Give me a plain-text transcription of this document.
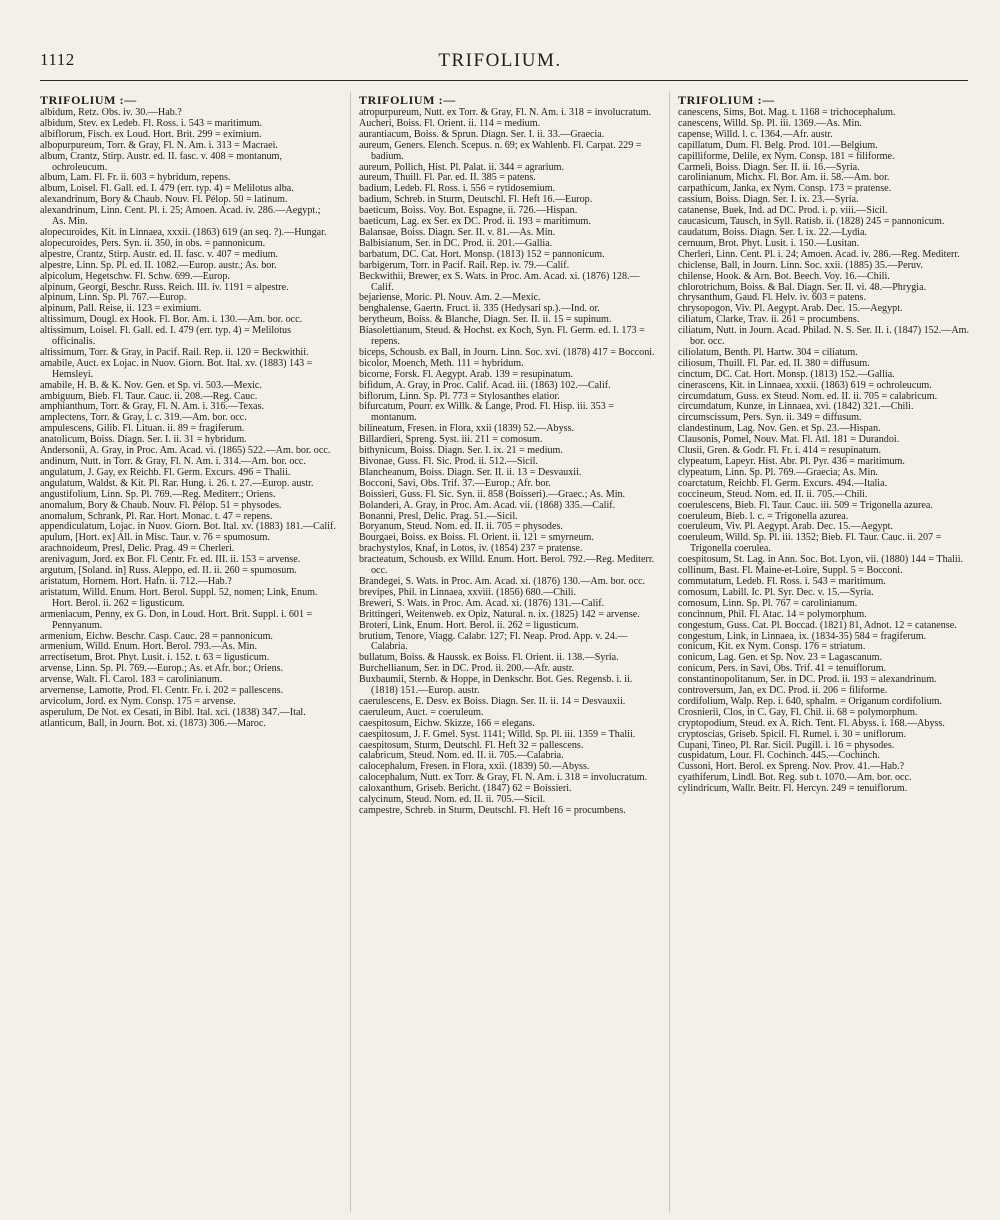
1112	TRIFOLIUM.
TRIFOLIUM :—

albidum, Retz. Obs. iv. 30.—Hab.?

albidum, Stev. ex Ledeb. Fl. Ross. i. 543 = maritimum.

albiflorum, Fisch. ex Loud. Hort. Brit. 299 = eximium.

albopurpureum, Torr. & Gray, Fl. N. Am. i. 313 = Macraei.

album, Crantz, Stirp. Austr. ed. II. fasc. v. 408 = montanum, ochroleucum.

album, Lam. Fl. Fr. ii. 603 = hybridum, repens.

album, Loisel. Fl. Gall. ed. I. 479 (err. typ. 4) = Melilotus alba.

alexandrinum, Bory & Chaub. Nouv. Fl. Pélop. 50 = latinum.

alexandrinum, Linn. Cent. Pl. i. 25; Amoen. Acad. iv. 286.—Aegypt.; As. Min.

alopecuroides, Kit. in Linnaea, xxxii. (1863) 619 (an seq. ?).—Hungar.

alopecuroides, Pers. Syn. ii. 350, in obs. = pannonicum.

alpestre, Crantz, Stirp. Austr. ed. II. fasc. v. 407 = medium.

alpestre, Linn. Sp. Pl. ed. II. 1082.—Europ. austr.; As. bor.

alpicolum, Hegetschw. Fl. Schw. 699.—Europ.

alpinum, Georgi, Beschr. Russ. Reich. III. iv. 1191 = alpestre.

alpinum, Linn. Sp. Pl. 767.—Europ.

alpinum, Pall. Reise, ii. 123 = eximium.

altissimum, Dougl. ex Hook. Fl. Bor. Am. i. 130.—Am. bor. occ.

altissimum, Loisel. Fl. Gall. ed. I. 479 (err. typ. 4) = Melilotus officinalis.

altissimum, Torr. & Gray, in Pacif. Rail. Rep. ii. 120 = Beckwithii.

amabile, Auct. ex Lojac. in Nuov. Giorn. Bot. Ital. xv. (1883) 143 = Hemsleyi.

amabile, H. B. & K. Nov. Gen. et Sp. vi. 503.—Mexic.

ambiguum, Bieb. Fl. Taur. Cauc. ii. 208.—Reg. Cauc.

amphianthum, Torr. & Gray, Fl. N. Am. i. 316.—Texas.

amplectens, Torr. & Gray, l. c. 319.—Am. bor. occ.

ampulescens, Gilib. Fl. Lituan. ii. 89 = fragiferum.

anatolicum, Boiss. Diagn. Ser. I. ii. 31 = hybridum.

Andersonii, A. Gray, in Proc. Am. Acad. vi. (1865) 522.—Am. bor. occ.

andinum, Nutt. in Torr. & Gray, Fl. N. Am. i. 314.—Am. bor. occ.

angulatum, J. Gay, ex Reichb. Fl. Germ. Excurs. 496 = Thalii.

angulatum, Waldst. & Kit. Pl. Rar. Hung. i. 26. t. 27.—Europ. austr.

angustifolium, Linn. Sp. Pl. 769.—Reg. Mediterr.; Oriens.

anomalum, Bory & Chaub. Nouv. Fl. Pélop. 51 = physodes.

anomalum, Schrank, Pl. Rar. Hort. Monac. t. 47 = repens.

appendiculatum, Lojac. in Nuov. Giorn. Bot. Ital. xv. (1883) 181.—Calif.

apulum, [Hort. ex] All. in Misc. Taur. v. 76 = spumosum.

arachnoideum, Presl, Delic. Prag. 49 = Cherleri.

arenivagum, Jord. ex Bor. Fl. Centr. Fr. ed. III. ii. 153 = arvense.

argutum, [Soland. in] Russ. Aleppo, ed. II. ii. 260 = spumosum.

aristatum, Hornem. Hort. Hafn. ii. 712.—Hab.?

aristatum, Willd. Enum. Hort. Berol. Suppl. 52, nomen; Link, Enum. Hort. Berol. ii. 262 = ligusticum.

armeniacum, Penny, ex G. Don, in Loud. Hort. Brit. Suppl. i. 601 = Pennyanum.

armenium, Eichw. Beschr. Casp. Cauc. 28 = pannonicum.

armenium, Willd. Enum. Hort. Berol. 793.—As. Min.

arrectisetum, Brot. Phyt. Lusit. i. 152. t. 63 = ligusticum.

arvense, Linn. Sp. Pl. 769.—Europ.; As. et Afr. bor.; Oriens.

arvense, Walt. Fl. Carol. 183 = carolinianum.

arvernense, Lamotte, Prod. Fl. Centr. Fr. i. 202 = pallescens.

arvicolum, Jord. ex Nym. Consp. 175 = arvense.

asperulum, De Not. ex Cesati, in Bibl. Ital. xci. (1838) 347.—Ital.

atlanticum, Ball, in Journ. Bot. xi. (1873) 306.—Maroc.

TRIFOLIUM :—

atropurpureum, Nutt. ex Torr. & Gray, Fl. N. Am. i. 318 = involucratum.

Aucheri, Boiss. Fl. Orient. ii. 114 = medium.

aurantiacum, Boiss. & Sprun. Diagn. Ser. I. ii. 33.—Graecia.

aureum, Geners. Elench. Scepus. n. 69; ex Wahlenb. Fl. Carpat. 229 = badium.

aureum, Pollich, Hist. Pl. Palat. ii. 344 = agrarium.

aureum, Thuill. Fl. Par. ed. II. 385 = patens.

badium, Ledeb. Fl. Ross. i. 556 = rytidosemium.

badium, Schreb. in Sturm, Deutschl. Fl. Heft 16.—Europ.

baeticum, Boiss. Voy. Bot. Espagne, ii. 726.—Hispan.

baeticum, Lag. ex Ser. ex DC. Prod. ii. 193 = maritimum.

Balansae, Boiss. Diagn. Ser. II. v. 81.—As. Min.

Balbisianum, Ser. in DC. Prod. ii. 201.—Gallia.

barbatum, DC. Cat. Hort. Monsp. (1813) 152 = pannonicum.

barbigerum, Torr. in Pacif. Rail. Rep. iv. 79.—Calif.

Beckwithii, Brewer, ex S. Wats. in Proc. Am. Acad. xi. (1876) 128.—Calif.

bejariense, Moric. Pl. Nouv. Am. 2.—Mexic.

benghalense, Gaertn. Fruct. ii. 335 (Hedysari sp.).—Ind. or.

berytheum, Boiss. & Blanche, Diagn. Ser. II. ii. 15 = supinum.

Biasolettianum, Steud. & Hochst. ex Koch, Syn. Fl. Germ. ed. I. 173 = repens.

biceps, Schousb. ex Ball, in Journ. Linn. Soc. xvi. (1878) 417 = Bocconi.

bicolor, Moench, Meth. 111 = hybridum.

bicorne, Forsk. Fl. Aegypt. Arab. 139 = resupinatum.

bifidum, A. Gray, in Proc. Calif. Acad. iii. (1863) 102.—Calif.

biflorum, Linn. Sp. Pl. 773 = Stylosanthes elatior.

bifurcatum, Pourr. ex Willk. & Lange, Prod. Fl. Hisp. iii. 353 = montanum.

bilineatum, Fresen. in Flora, xxii (1839) 52.—Abyss.

Billardieri, Spreng. Syst. iii. 211 = comosum.

bithynicum, Boiss. Diagn. Ser. I. ix. 21 = medium.

Bivonae, Guss. Fl. Sic. Prod. ii. 512.—Sicil.

Blancheanum, Boiss. Diagn. Ser. II. ii. 13 = Desvauxii.

Bocconi, Savi, Obs. Trif. 37.—Europ.; Afr. bor.

Boissieri, Guss. Fl. Sic. Syn. ii. 858 (Boisseri).—Graec.; As. Min.

Bolanderi, A. Gray, in Proc. Am. Acad. vii. (1868) 335.—Calif.

Bonanni, Presl, Delic. Prag. 51.—Sicil.

Boryanum, Steud. Nom. ed. II. ii. 705 = physodes.

Bourgaei, Boiss. ex Boiss. Fl. Orient. ii. 121 = smyrneum.

brachystylos, Knaf, in Lotos, iv. (1854) 237 = pratense.

bracteatum, Schousb. ex Willd. Enum. Hort. Berol. 792.—Reg. Mediterr. occ.

Brandegei, S. Wats. in Proc. Am. Acad. xi. (1876) 130.—Am. bor. occ.

brevipes, Phil. in Linnaea, xxviii. (1856) 680.—Chili.

Breweri, S. Wats. in Proc. Am. Acad. xi. (1876) 131.—Calif.

Brittingeri, Weitenweb. ex Opiz, Natural. n. ix. (1825) 142 = arvense.

Broteri, Link, Enum. Hort. Berol. ii. 262 = ligusticum.

brutium, Tenore, Viagg. Calabr. 127; Fl. Neap. Prod. App. v. 24.—Calabria.

bullatum, Boiss. & Haussk. ex Boiss. Fl. Orient. ii. 138.—Syria.

Burchellianum, Ser. in DC. Prod. ii. 200.—Afr. austr.

Buxbaumii, Sternb. & Hoppe, in Denkschr. Bot. Ges. Regensb. i. ii. (1818) 151.—Europ. austr.

caerulescens, E. Desv. ex Boiss. Diagn. Ser. II. ii. 14 = Desvauxii.

caeruleum, Auct. = coeruleum.

caespitosum, Eichw. Skizze, 166 = elegans.

caespitosum, J. F. Gmel. Syst. 1141; Willd. Sp. Pl. iii. 1359 = Thalii.

caespitosum, Sturm, Deutschl. Fl. Heft 32 = pallescens.

calabricum, Steud. Nom. ed. II. ii. 705.—Calabria.

calocephalum, Fresen. in Flora, xxii. (1839) 50.—Abyss.

calocephalum, Nutt. ex Torr. & Gray, Fl. N. Am. i. 318 = involucratum.

caloxanthum, Griseb. Bericht. (1847) 62 = Boissieri.

calycinum, Steud. Nom. ed. II. ii. 705.—Sicil.

campestre, Schreb. in Sturm, Deutschl. Fl. Heft 16 = procumbens.

TRIFOLIUM :—

canescens, Sims, Bot. Mag. t. 1168 = trichocephalum.

canescens, Willd. Sp. Pl. iii. 1369.—As. Min.

capense, Willd. l. c. 1364.—Afr. austr.

capillatum, Dum. Fl. Belg. Prod. 101.—Belgium.

capilliforme, Delile, ex Nym. Consp. 181 = filiforme.

Carmeli, Boiss. Diagn. Ser. II. ii. 16.—Syria.

carolinianum, Michx. Fl. Bor. Am. ii. 58.—Am. bor.

carpathicum, Janka, ex Nym. Consp. 173 = pratense.

cassium, Boiss. Diagn. Ser. I. ix. 23.—Syria.

catanense, Buek, Ind. ad DC. Prod. i. p. viii.—Sicil.

caucasicum, Tausch, in Syll. Ratisb. ii. (1828) 245 = pannonicum.

caudatum, Boiss. Diagn. Ser. I. ix. 22.—Lydia.

cernuum, Brot. Phyt. Lusit. i. 150.—Lusitan.

Cherleri, Linn. Cent. Pl. i. 24; Amoen. Acad. iv. 286.—Reg. Mediterr.

chiclense, Ball, in Journ. Linn. Soc. xxii. (1885) 35.—Peruv.

chilense, Hook. & Arn. Bot. Beech. Voy. 16.—Chili.

chlorotrichum, Boiss. & Bal. Diagn. Ser. II. vi. 48.—Phrygia.

chrysanthum, Gaud. Fl. Helv. iv. 603 = patens.

chrysopogon, Viv. Pl. Aegypt. Arab. Dec. 15.—Aegypt.

ciliatum, Clarke, Trav. ii. 261 = procumbens.

ciliatum, Nutt. in Journ. Acad. Philad. N. S. Ser. II. i. (1847) 152.—Am. bor. occ.

ciliolatum, Benth. Pl. Hartw. 304 = ciliatum.

ciliosum, Thuill. Fl. Par. ed. II. 380 = diffusum.

cinctum, DC. Cat. Hort. Monsp. (1813) 152.—Gallia.

cinerascens, Kit. in Linnaea, xxxii. (1863) 619 = ochroleucum.

circumdatum, Guss. ex Steud. Nom. ed. II. ii. 705 = calabricum.

circumdatum, Kunze, in Linnaea, xvi. (1842) 321.—Chili.

circumscissum, Pers. Syn. ii. 349 = diffusum.

clandestinum, Lag. Nov. Gen. et Sp. 23.—Hispan.

Clausonis, Pomel, Nouv. Mat. Fl. Atl. 181 = Durandoi.

Clusii, Gren. & Godr. Fl. Fr. i. 414 = resupinatum.

clypeatum, Lapeyr. Hist. Abr. Pl. Pyr. 436 = maritimum.

clypeatum, Linn. Sp. Pl. 769.—Graecia; As. Min.

coarctatum, Reichb. Fl. Germ. Excurs. 494.—Italia.

coccineum, Steud. Nom. ed. II. ii. 705.—Chili.

coerulescens, Bieb. Fl. Taur. Cauc. iii. 509 = Trigonella azurea.

coeruleum, Bieb. l. c. = Trigonella azurea.

coeruleum, Viv. Pl. Aegypt. Arab. Dec. 15.—Aegypt.

coeruleum, Willd. Sp. Pl. iii. 1352; Bieb. Fl. Taur. Cauc. ii. 207 = Trigonella coerulea.

coespitosum, St. Lag. in Ann. Soc. Bot. Lyon, vii. (1880) 144 = Thalii.

collinum, Bast. Fl. Maine-et-Loire, Suppl. 5 = Bocconi.

commutatum, Ledeb. Fl. Ross. i. 543 = maritimum.

comosum, Labill. Ic. Pl. Syr. Dec. v. 15.—Syria.

comosum, Linn. Sp. Pl. 767 = carolinianum.

concinnum, Phil. Fl. Atac. 14 = polymorphum.

congestum, Guss. Cat. Pl. Boccad. (1821) 81, Adnot. 12 = catanense.

congestum, Link, in Linnaea, ix. (1834-35) 584 = fragiferum.

conicum, Kit. ex Nym. Consp. 176 = striatum.

conicum, Lag. Gen. et Sp. Nov. 23 = Lagascanum.

conicum, Pers. in Savi, Obs. Trif. 41 = tenuiflorum.

constantinopolitanum, Ser. in DC. Prod. ii. 193 = alexandrinum.

controversum, Jan, ex DC. Prod. ii. 206 = filiforme.

cordifolium, Walp. Rep. i. 640, sphalm. = Origanum cordifolium.

Crosnierii, Clos, in C. Gay, Fl. Chil. ii. 68 = polymorphum.

cryptopodium, Steud. ex A. Rich. Tent. Fl. Abyss. i. 168.—Abyss.

cryptoscias, Griseb. Spicil. Fl. Rumel. i. 30 = uniflorum.

Cupani, Tineo, Pl. Rar. Sicil. Pugill. i. 16 = physodes.

cuspidatum, Lour. Fl. Cochinch. 445.—Cochinch.

Cussoni, Hort. Berol. ex Spreng. Nov. Prov. 41.—Hab.?

cyathiferum, Lindl. Bot. Reg. sub t. 1070.—Am. bor. occ.

cylindricum, Wallr. Beitr. Fl. Hercyn. 249 = tenuiflorum.
